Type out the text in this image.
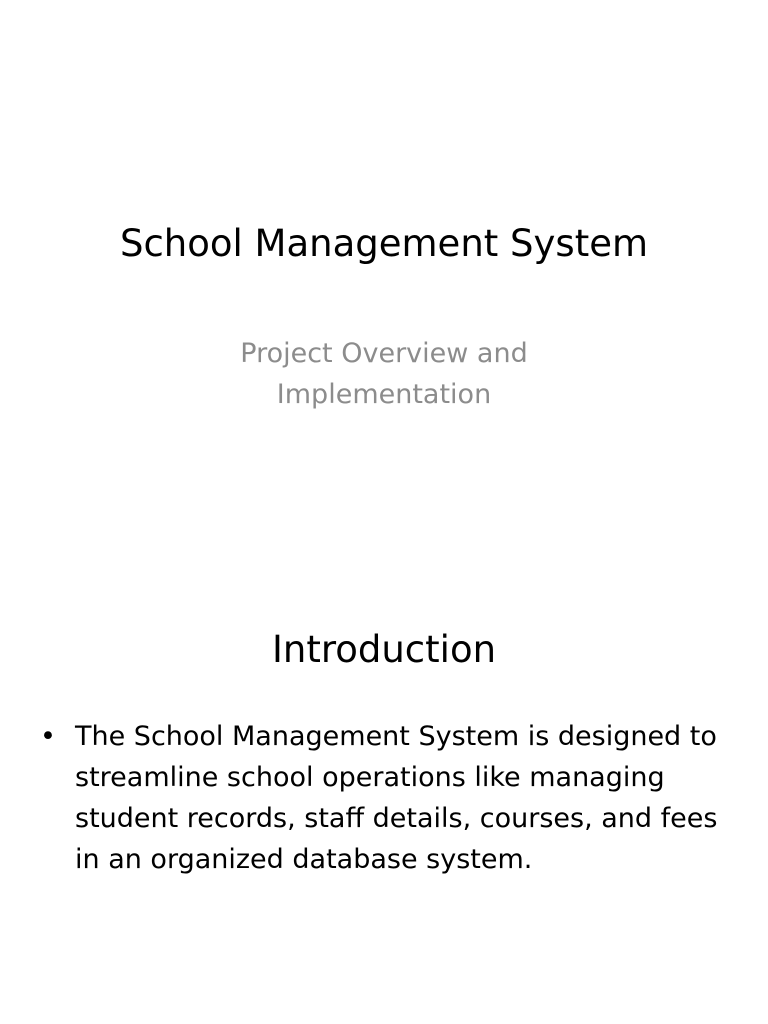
School Management System
Project Overview and Implementation
Introduction
• The School Management System is designed to streamline school operations like managing student records, staff details, courses, and fees in an organized database system.
